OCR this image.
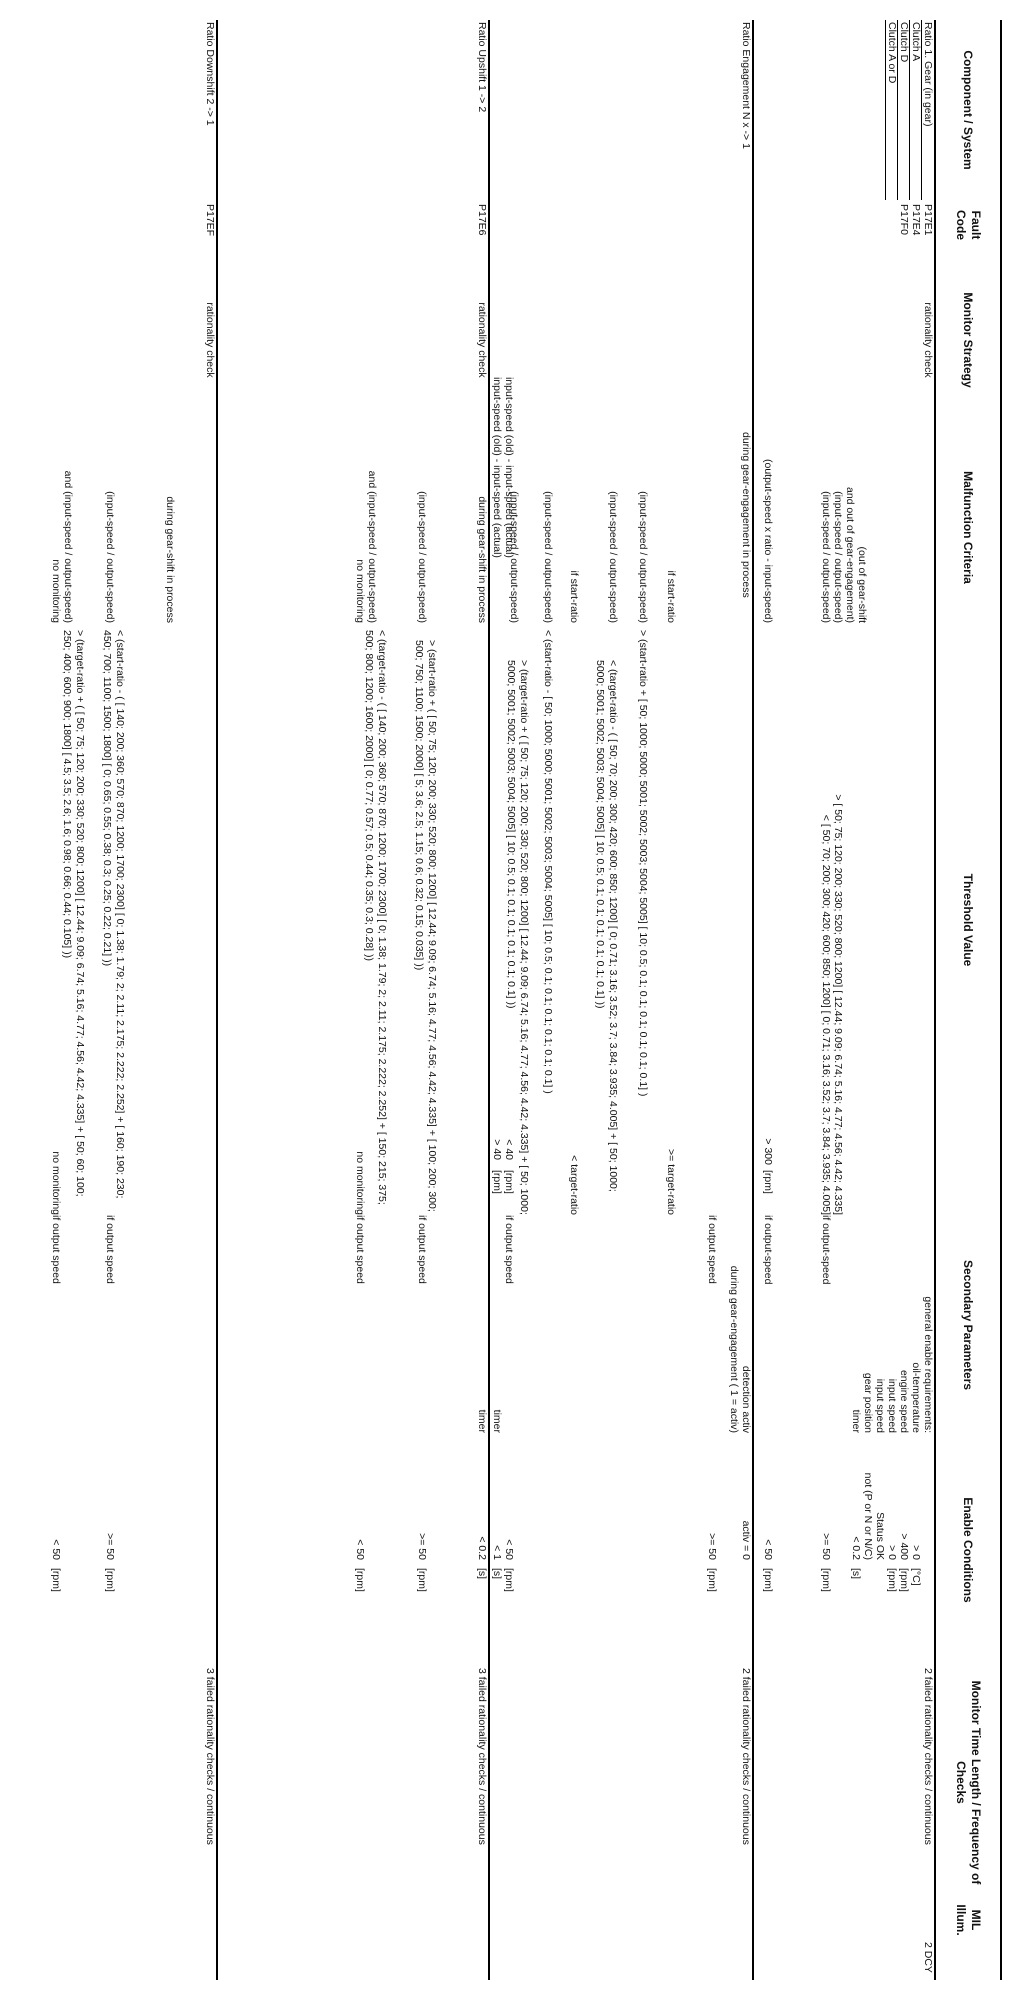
Component / System
Fault Code
Monitor Strategy
Malfunction Criteria
Threshold Value
Secondary Parameters
Enable Conditions
Monitor Time Length / Frequency of Checks
MIL Illum.
Ratio 1. Gear (in gear)
Clutch A
Clutch D
Clutch A or D
P17E1
P17E4
P17F0
rationality check
(out of gear-shift
and out of gear-engagement)
(input-speed / output-speed)
(input-speed / output-speed)
(output-speed x ratio - input-speed)
> [ 50; 75; 120; 200; 330; 520; 800; 1200] [ 12.44; 9.09; 6.74; 5.16; 4.77; 4.56; 4.42; 4.335]
< [ 50; 70; 200; 300; 420; 600; 850; 1200] [ 0; 0.71; 3.16; 3.52; 3.7; 3.84; 3.935; 4.005]
> 300
[rpm]
general enable requirements:
oil-temperature
engine speed
input speed
input speed
gear position
timer
if output-speed
if output-speed
> 0
[°C]
> 400
[rpm]
> 0
[rpm]
Status OK
not (P or N or N/C)
< 0.2
[s]
>= 50
[rpm]
< 50
[rpm]
2 failed rationality checks / continuous
2 DCY
Ratio Engagement N x -> 1
during gear-engagement in process
if start-ratio
(input-speed / output-speed)
(input-speed / output-speed)
if start-ratio
(input-speed / output-speed)
(input-speed / output-speed)
>= target-ratio
> (start-ratio + [ 50; 1000; 5000; 5001; 5002; 5003; 5004; 5005] [ 10; 0.5; 0.1; 0.1; 0.1; 0.1; 0.1; 0.1] )
< (target-ratio - ( [ 50; 70; 200; 300; 420; 600; 850; 1200] [ 0; 0.71; 3.16; 3.52; 3.7; 3.84; 3.935; 4.005] + [ 50; 1000; 5000; 5001; 5002; 5003; 5004; 5005] [ 10; 0.5; 0.1; 0.1; 0.1; 0.1; 0.1; 0.1] ))
< target-ratio
< (start-ratio - [ 50; 1000; 5000; 5001; 5002; 5003; 5004; 5005] [ 10; 0.5; 0.1; 0.1; 0.1; 0.1; 0.1; 0.1] )
> (target-ratio + ( [ 50; 75; 120; 200; 330; 520; 800; 1200] [ 12.44; 9.09; 6.74; 5.16; 4.77; 4.56; 4.42; 4.335] + [ 50; 1000; 5000; 5001; 5002; 5003; 5004; 5005] [ 10; 0.5; 0.1; 0.1; 0.1; 0.1; 0.1; 0.1] ))
detection activ
during gear-engagement ( 1 = activ)
if output speed
activ = 0
>= 50
[rpm]
2 failed rationality checks / continuous
Ratio Upshift 1 -> 2
P17E6
rationality check
input-speed (old) - input-speed (actual)
input-speed (old) - input-speed (actual)
during gear-shift in process
(input-speed / output-speed)
and (input-speed / output-speed)
no monitoring
< 40
[rpm]
> 40
[rpm]
> (start-ratio + ( [ 50; 75; 120; 200; 330; 520; 800; 1200] [ 12.44; 9.09; 6.74; 5.16; 4.77; 4.56; 4.42; 4.335] + [ 100; 200; 300; 500; 750; 1100; 1500; 2000] [ 5; 3.6; 2.5; 1.15; 0.6; 0.32; 0.15; 0.035] ))
< (target-ratio - ( [ 140; 200; 360; 570; 870; 1200; 1700; 2300] [ 0; 1.38; 1.79; 2; 2.11; 2.175; 2.222; 2.252] + [ 150; 215; 375; 500; 800; 1200; 1600; 2000] [ 0; 0.77; 0.57; 0.5; 0.44; 0.35; 0.3; 0.28] ))
no monitoring
if output speed
timer
timer
if output speed
if output speed
< 50
[rpm]
< 1
[s]
< 0.2
[s]
>= 50
[rpm]
< 50
[rpm]
3 failed rationality checks / continuous
Ratio Downshift 2 -> 1
P17EF
rationality check
during gear-shift in process
(input-speed / output-speed)
and (input-speed / output-speed)
no monitoring
< (start-ratio - ( [ 140; 200; 360; 570; 870; 1200; 1700; 2300] [ 0; 1.38; 1.79; 2; 2.11; 2.175; 2.222; 2.252] + [ 160; 190; 230; 450; 700; 1100; 1500; 1800] [ 0; 0.65; 0.55; 0.38; 0.3; 0.25; 0.22; 0.21] ))
> (target-ratio + ( [ 50; 75; 120; 200; 330; 520; 800; 1200] [ 12.44; 9.09; 6.74; 5.16; 4.77; 4.56; 4.42; 4.335] + [ 50; 60; 100; 250; 400; 600; 900; 1800] [ 4.5; 3.5; 2.6; 1.6; 0.98; 0.66; 0.44; 0.105] ))
no monitoring
if output speed
if output speed
>= 50
[rpm]
< 50
[rpm]
3 failed rationality checks / continuous
